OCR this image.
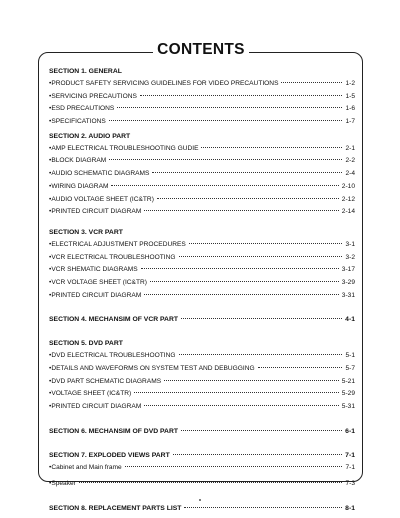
CONTENTS
SECTION 1. GENERAL
• PRODUCT SAFETY SERVICING GUIDELINES FOR VIDEO PRECAUTIONS	1-2
• SERVICING PRECAUTIONS	1-5
• ESD PRECAUTIONS	1-6
• SPECIFICATIONS	1-7
SECTION 2. AUDIO PART
• AMP ELECTRICAL TROUBLESHOOTING GUDIE	2-1
• BLOCK DIAGRAM	2-2
• AUDIO SCHEMATIC DIAGRAMS	2-4
• WIRING DIAGRAM	2-10
• AUDIO VOLTAGE SHEET (IC&TR)	2-12
• PRINTED CIRCUIT DIAGRAM	2-14
SECTION 3. VCR PART
• ELECTRICAL ADJUSTMENT PROCEDURES	3-1
• VCR ELECTRICAL TROUBLESHOOTING	3-2
• VCR SHEMATIC DIAGRAMS	3-17
• VCR VOLTAGE SHEET (IC&TR)	3-29
• PRINTED CIRCUIT DIAGRAM	3-31
SECTION 4. MECHANSIM OF VCR PART	4-1
SECTION 5. DVD PART
• DVD ELECTRICAL TROUBLESHOOTING	5-1
• DETAILS AND WAVEFORMS ON SYSTEM TEST AND DEBUGGING	5-7
• DVD PART SCHEMATIC DIAGRAMS	5-21
• VOLTAGE SHEET (IC&TR)	5-29
• PRINTED CIRCUIT DIAGRAM	5-31
SECTION 6. MECHANSIM OF DVD PART	6-1
SECTION 7. EXPLODED VIEWS PART	7-1
• Cabinet and Main frame	7-1
• Speaker	7-3
SECTION 8. REPLACEMENT PARTS LIST	8-1
